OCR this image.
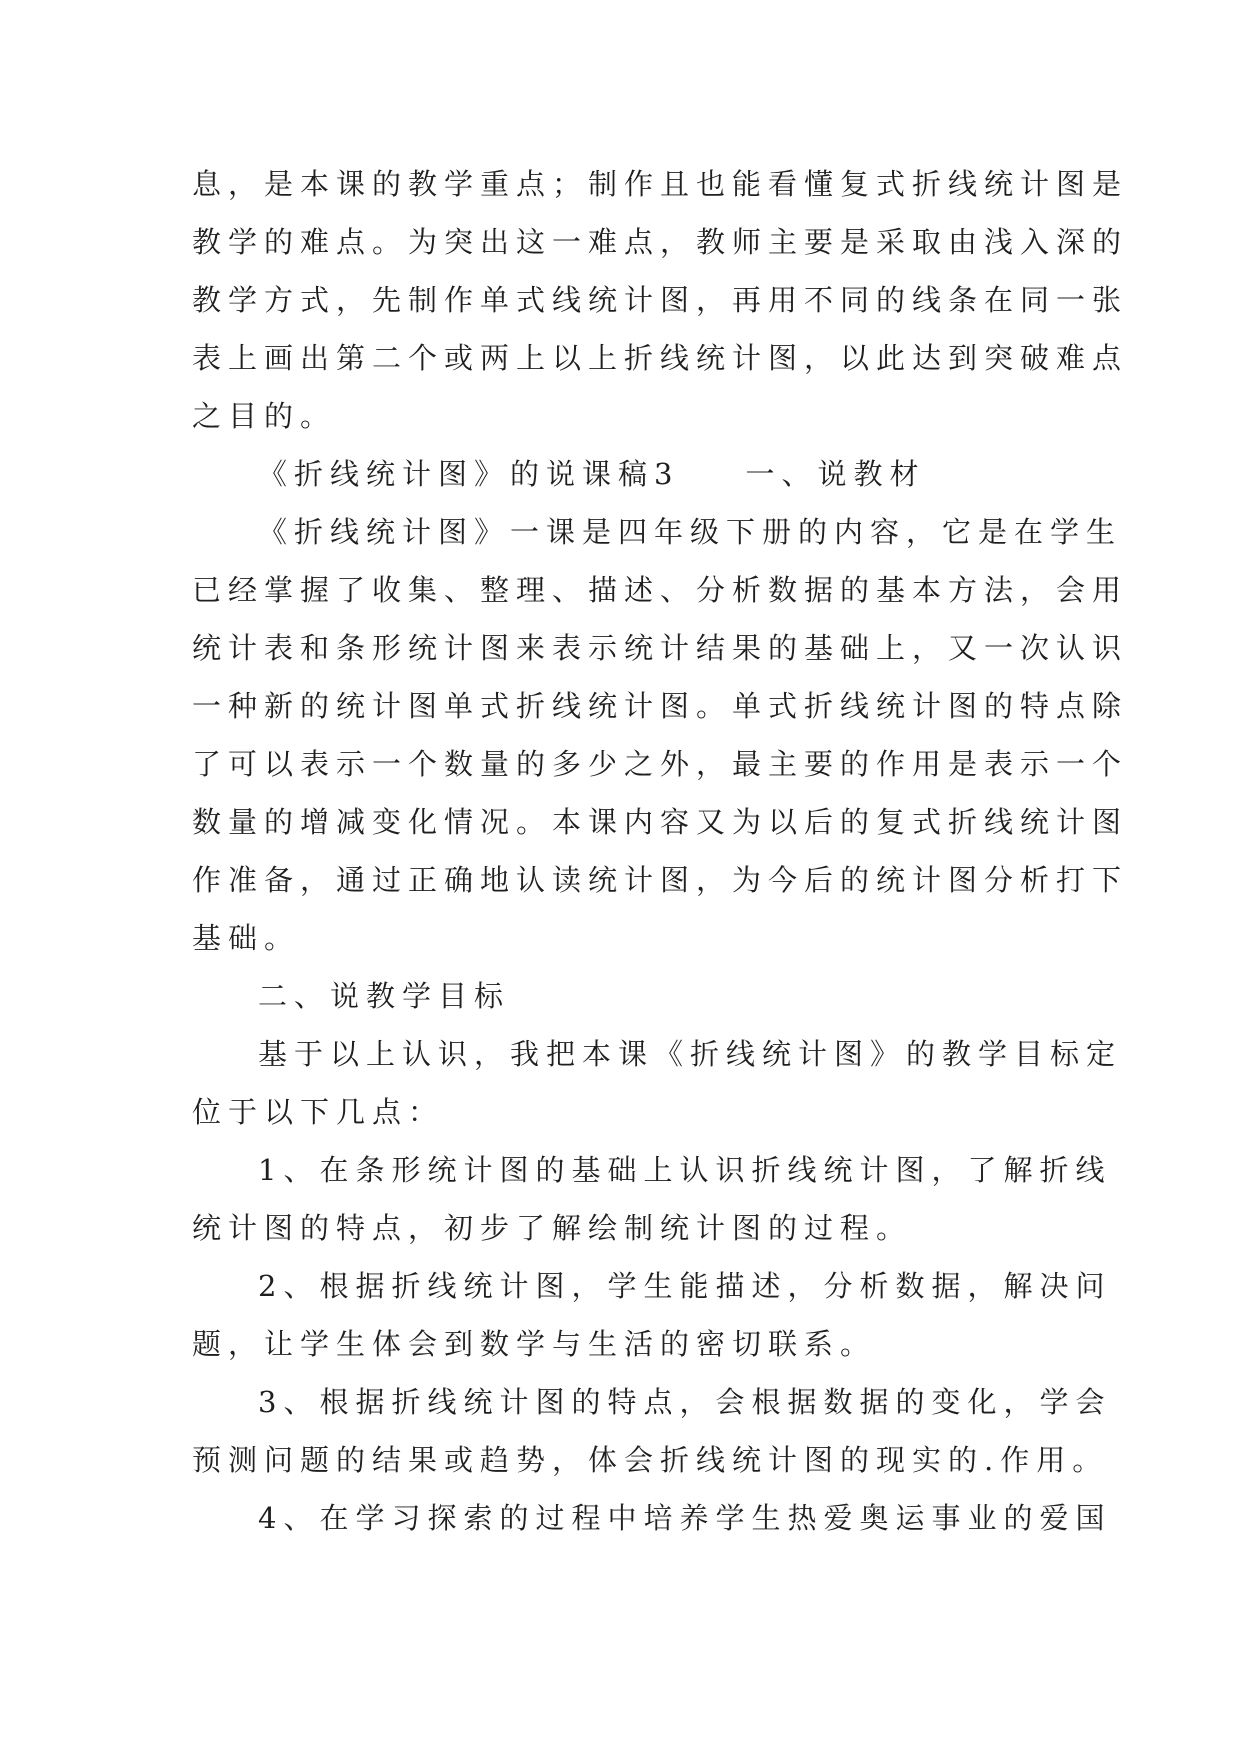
息，是本课的教学重点；制作且也能看懂复式折线统计图是

教学的难点。为突出这一难点，教师主要是采取由浅入深的

教学方式，先制作单式线统计图，再用不同的线条在同一张

表上画出第二个或两上以上折线统计图，以此达到突破难点

之目的。

《折线统计图》的说课稿3 一、说教材

《折线统计图》一课是四年级下册的内容，它是在学生

已经掌握了收集、整理、描述、分析数据的基本方法，会用

统计表和条形统计图来表示统计结果的基础上，又一次认识

一种新的统计图单式折线统计图。单式折线统计图的特点除

了可以表示一个数量的多少之外，最主要的作用是表示一个

数量的增减变化情况。本课内容又为以后的复式折线统计图

作准备，通过正确地认读统计图，为今后的统计图分析打下

基础。

二、说教学目标

基于以上认识，我把本课《折线统计图》的教学目标定

位于以下几点：

1、在条形统计图的基础上认识折线统计图，了解折线

统计图的特点，初步了解绘制统计图的过程。

2、根据折线统计图，学生能描述，分析数据，解决问

题，让学生体会到数学与生活的密切联系。

3、根据折线统计图的特点，会根据数据的变化，学会

预测问题的结果或趋势，体会折线统计图的现实的.作用。

4、在学习探索的过程中培养学生热爱奥运事业的爱国
